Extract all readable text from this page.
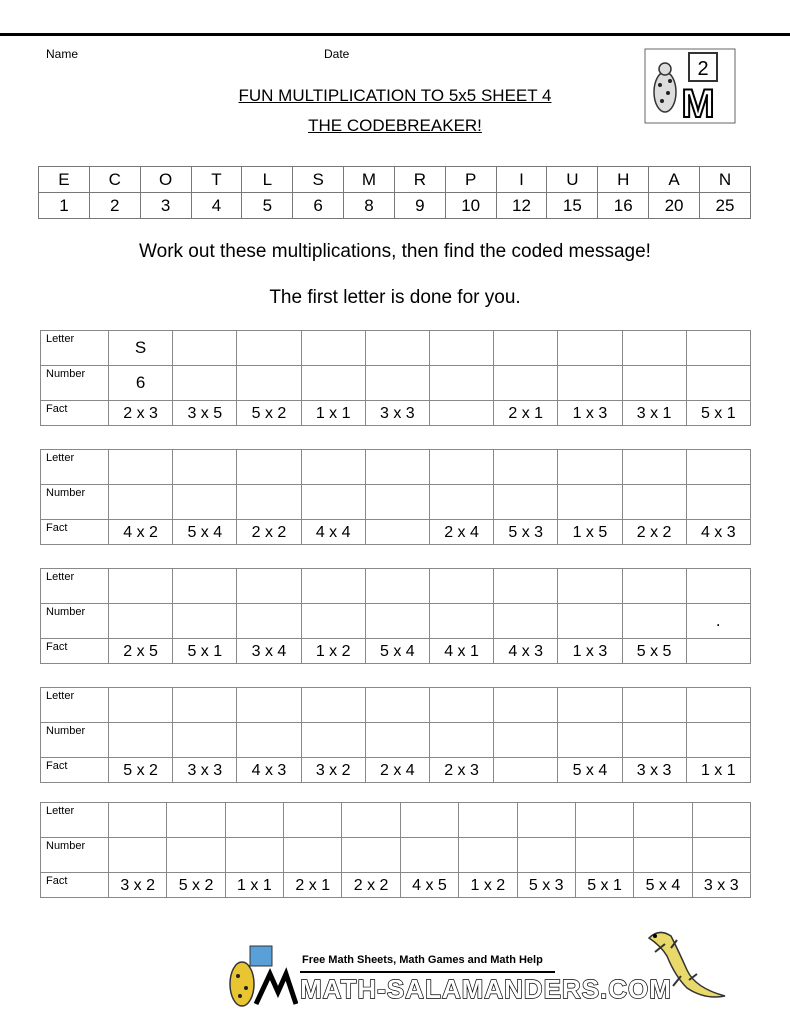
Name	Date
2
M
FUN MULTIPLICATION TO 5x5 SHEET 4
THE CODEBREAKER!
E	C	O	T	L	S	M	R	P	I	U	H	A	N
1	2	3	4	5	6	8	9	10	12	15	16	20	25
Work out these multiplications, then find the coded message!
The first letter is done for you.
Letter	S									
Number	6									
Fact	2 x 3	3 x 5	5 x 2	1 x 1	3 x 3		2 x 1	1 x 3	3 x 1	5 x 1
Letter										
Number										
Fact	4 x 2	5 x 4	2 x 2	4 x 4		2 x 4	5 x 3	1 x 5	2 x 2	4 x 3
Letter										
Number										.
Fact	2 x 5	5 x 1	3 x 4	1 x 2	5 x 4	4 x 1	4 x 3	1 x 3	5 x 5	
Letter										
Number										
Fact	5 x 2	3 x 3	4 x 3	3 x 2	2 x 4	2 x 3		5 x 4	3 x 3	1 x 1
Letter											
Number											
Fact	3 x 2	5 x 2	1 x 1	2 x 1	2 x 2	4 x 5	1 x 2	5 x 3	5 x 1	5 x 4	3 x 3
Free Math Sheets, Math Games and Math Help
MATH-SALAMANDERS.COM
